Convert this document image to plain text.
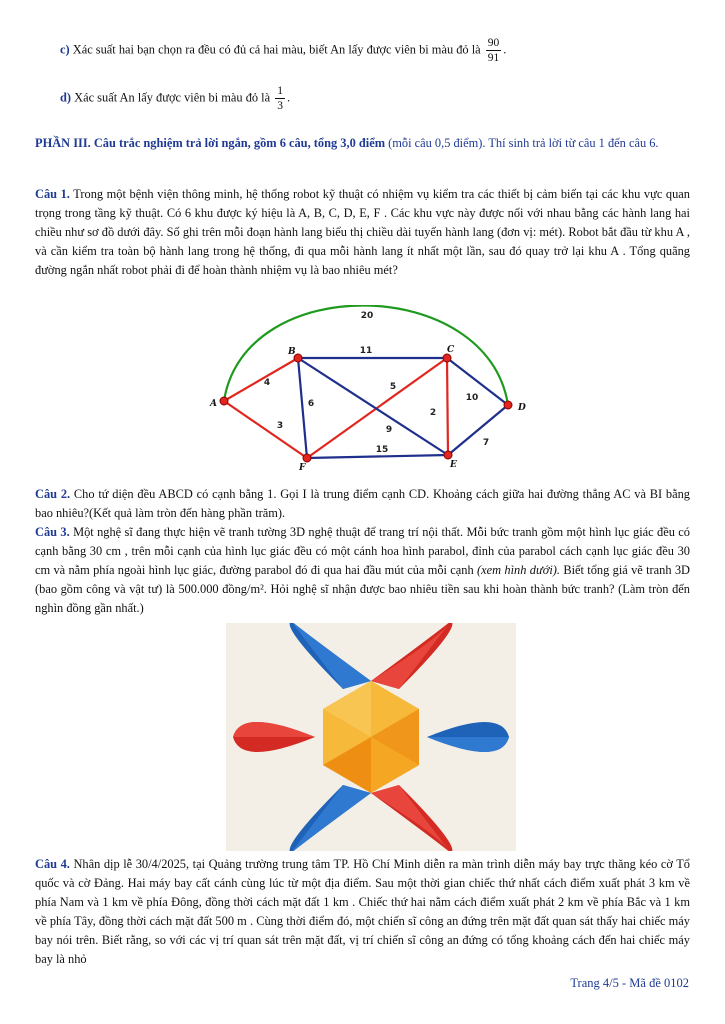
c) Xác suất hai bạn chọn ra đều có đủ cả hai màu, biết An lấy được viên bi màu đỏ là $\frac{90}{91}$ .
d) Xác suất An lấy được viên bi màu đỏ là $\frac{1}{3}$ .
PHẦN III. Câu trắc nghiệm trả lời ngắn, gồm 6 câu, tổng 3,0 điểm (mỗi câu 0,5 điểm). Thí sinh trả lời từ câu 1 đến câu 6.
Câu 1. Trong một bệnh viện thông minh, hệ thống robot kỹ thuật có nhiệm vụ kiểm tra các thiết bị cảm biến tại các khu vực quan trọng trong tầng kỹ thuật. Có 6 khu được ký hiệu là A, B, C, D, E, F . Các khu vực này được nối với nhau bằng các hành lang hai chiều như sơ đồ dưới đây. Số ghi trên mỗi đoạn hành lang biểu thị chiều dài tuyến hành lang (đơn vị: mét). Robot bắt đầu từ khu A , và cần kiểm tra toàn bộ hành lang trong hệ thống, đi qua mỗi hành lang ít nhất một lần, sau đó quay trở lại khu A . Tổng quãng đường ngắn nhất robot phải đi để hoàn thành nhiệm vụ là bao nhiêu mét?
4
3
11
6
5
2
10
9
15
7
20
A
B	C
D
E
F
Câu 2. Cho tứ diện đều ABCD có cạnh bằng 1. Gọi I là trung điểm cạnh CD. Khoảng cách giữa hai đường thẳng AC và BI bằng bao nhiêu?(Kết quả làm tròn đến hàng phần trăm).
Câu 3. Một nghệ sĩ đang thực hiện vẽ tranh tường 3D nghệ thuật để trang trí nội thất. Mỗi bức tranh gồm một hình lục giác đều có cạnh bằng 30 cm , trên mỗi cạnh của hình lục giác đều có một cánh hoa hình parabol, đỉnh của parabol cách cạnh lục giác đều 30 cm và nằm phía ngoài hình lục giác, đường parabol đó đi qua hai đầu mút của mỗi cạnh (xem hình dưới). Biết tổng giá vẽ tranh 3D (bao gồm công và vật tư) là 500.000 đồng/m². Hỏi nghệ sĩ nhận được bao nhiêu tiền sau khi hoàn thành bức tranh? (Làm tròn đến nghìn đồng gần nhất.)
Câu 4. Nhân dịp lễ 30/4/2025, tại Quảng trường trung tâm TP. Hồ Chí Minh diễn ra màn trình diễn máy bay trực thăng kéo cờ Tổ quốc và cờ Đảng. Hai máy bay cất cánh cùng lúc từ một địa điểm. Sau một thời gian chiếc thứ nhất cách điểm xuất phát 3 km về phía Nam và 1 km về phía Đông, đồng thời cách mặt đất 1 km . Chiếc thứ hai nằm cách điểm xuất phát 2 km về phía Bắc và 1 km về phía Tây, đồng thời cách mặt đất 500 m . Cùng thời điểm đó, một chiến sĩ công an đứng trên mặt đất quan sát thấy hai chiếc máy bay nói trên. Biết rằng, so với các vị trí quan sát trên mặt đất, vị trí chiến sĩ công an đứng có tổng khoảng cách đến hai chiếc máy bay là nhỏ
Trang 4/5 - Mã đề 0102
